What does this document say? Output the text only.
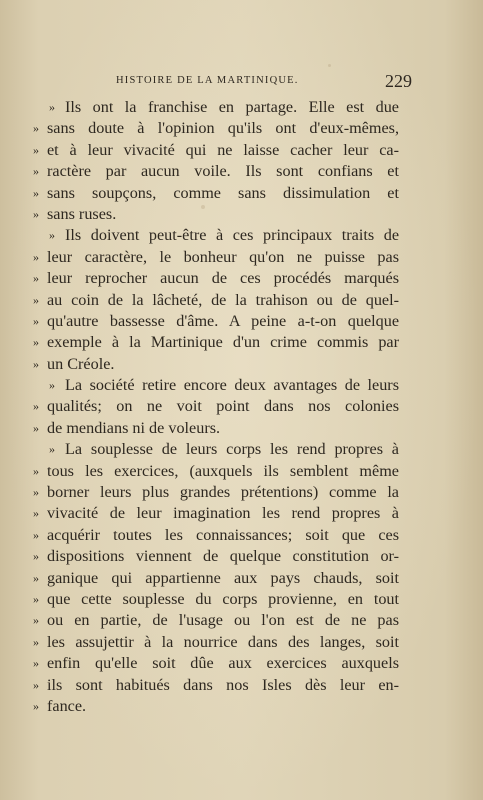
HISTOIRE DE LA MARTINIQUE.	229
» Ils ont la franchise en partage. Elle est due
» sans doute à l'opinion qu'ils ont d'eux-mêmes,
» et à leur vivacité qui ne laisse cacher leur ca-
» ractère par aucun voile. Ils sont confians et
» sans soupçons, comme sans dissimulation et
» sans ruses.
» Ils doivent peut-être à ces principaux traits de
» leur caractère, le bonheur qu'on ne puisse pas
» leur reprocher aucun de ces procédés marqués
» au coin de la lâcheté, de la trahison ou de quel-
» qu'autre bassesse d'âme. A peine a-t-on quelque
» exemple à la Martinique d'un crime commis par
» un Créole.
» La société retire encore deux avantages de leurs
» qualités; on ne voit point dans nos colonies
» de mendians ni de voleurs.
» La souplesse de leurs corps les rend propres à
» tous les exercices, (auxquels ils semblent même
» borner leurs plus grandes prétentions) comme la
» vivacité de leur imagination les rend propres à
» acquérir toutes les connaissances; soit que ces
» dispositions viennent de quelque constitution or-
» ganique qui appartienne aux pays chauds, soit
» que cette souplesse du corps provienne, en tout
» ou en partie, de l'usage ou l'on est de ne pas
» les assujettir à la nourrice dans des langes, soit
» enfin qu'elle soit dûe aux exercices auxquels
» ils sont habitués dans nos Isles dès leur en-
» fance.
